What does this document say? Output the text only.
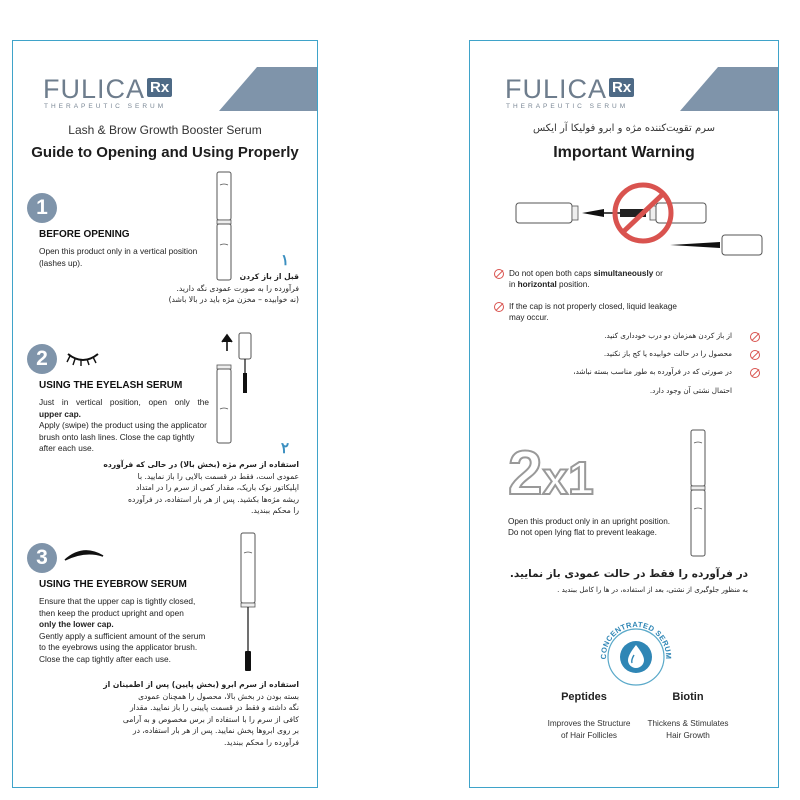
FULICA Rx
THERAPEUTIC SERUM
Lash & Brow Growth Booster Serum
Guide to Opening and Using Properly
1
BEFORE OPENING
Open this product only in a vertical position
(lashes up).	۱
قبل از باز کردن
فرآورده را به صورت عمودی نگه دارید.
(نه خوابیده – مخزن مژه باید در بالا باشد)
2
USING THE EYELASH SERUM
Just in vertical position, open only the
upper cap.
Apply (swipe) the product using the applicator
brush onto lash lines. Close the cap tightly
after each use.	۲
استفاده از سرم مژه (بخش بالا) در حالی که فرآورده
عمودی است، فقط در قسمت بالایی را باز نمایید. با
اپلیکاتور نوک باریک، مقدار کمی از سرم را در امتداد
ریشه مژه‌ها بکشید. پس از هر بار استفاده، در فرآورده
را محکم ببندید.
3
USING THE EYEBROW SERUM
Ensure that the upper cap is tightly closed,
then keep the product upright and open
only the lower cap.
Gently apply a sufficient amount of the serum
to the eyebrows using the applicator brush.
Close the cap tightly after each use.
استفاده از سرم ابرو (بخش پایین) پس از اطمینان از
بسته بودن در بخش بالا، محصول را همچنان عمودی
نگه داشته و فقط در قسمت پایینی را باز نمایید. مقدار
کافی از سرم را با استفاده از برس مخصوص و به آرامی
بر روی ابروها پخش نمایید. پس از هر بار استفاده، در
فرآورده را محکم ببندید.
FULICA Rx
THERAPEUTIC SERUM
سرم تقویت‌کننده مژه و ابرو فولیکا آر ایکس
Important Warning
Do not open both caps simultaneously or
in horizontal position.
If the cap is not properly closed, liquid leakage
may occur.
از باز کردن همزمان دو درب خودداری کنید.
محصول را در حالت خوابیده یا کج باز نکنید.
در صورتی که در فرآورده به طور مناسب بسته نباشد،
احتمال نشتی آن وجود دارد.
2x1
Open this product only in an upright position.
Do not open lying flat to prevent leakage.
در فرآورده را فقط در حالت عمودی باز نمایید.
به منظور جلوگیری از نشتی، بعد از استفاده، در ها را کامل ببندید .
CONCENTRATED SERUM
Peptides
Improves the Structure
of Hair Follicles
Biotin
Thickens & Stimulates
Hair Growth
